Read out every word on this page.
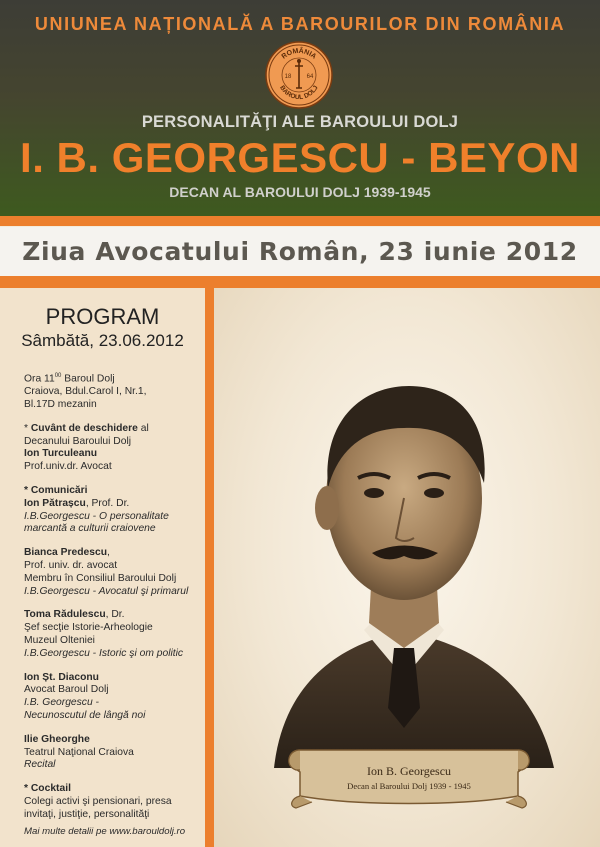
UNIUNEA NAȚIONALĂ A BAROURILOR DIN ROMÂNIA
ROMÂNIA
BAROUL DOLJ
18	64
PERSONALITĂŢI ALE BAROULUI DOLJ
I. B. GEORGESCU - BEYON
DECAN AL BAROULUI DOLJ 1939-1945
Ziua Avocatului Român, 23 iunie 2012
PROGRAM
Sâmbătă, 23.06.2012
Ora $11^{00}$ Baroul Dolj
Craiova, Bdul.Carol I, Nr.1,
Bl.17D mezanin
* Cuvânt de deschidere al
Decanului Baroului Dolj
Ion Turculeanu
Prof.univ.dr. Avocat
* Comunicări
Ion Pătrașcu, Prof. Dr.
I.B.Georgescu - O personalitate
marcantă a culturii craiovene
Bianca Predescu,
Prof. univ. dr. avocat
Membru în Consiliul Baroului Dolj
I.B.Georgescu - Avocatul şi primarul
Toma Rădulescu, Dr.
Şef secţie Istorie-Arheologie
Muzeul Olteniei
I.B.Georgescu - Istoric şi om politic
Ion Șt. Diaconu
Avocat Baroul Dolj
I.B. Georgescu -
Necunoscutul de lângă noi
Ilie Gheorghe
Teatrul Naţional Craiova
Recital
* Cocktail
Colegi activi şi pensionari, presa
invitaţi, justiţie, personalităţi
Mai multe detalii pe www.barouldolj.ro
Ion B. Georgescu
Decan al Baroului Dolj 1939 - 1945
